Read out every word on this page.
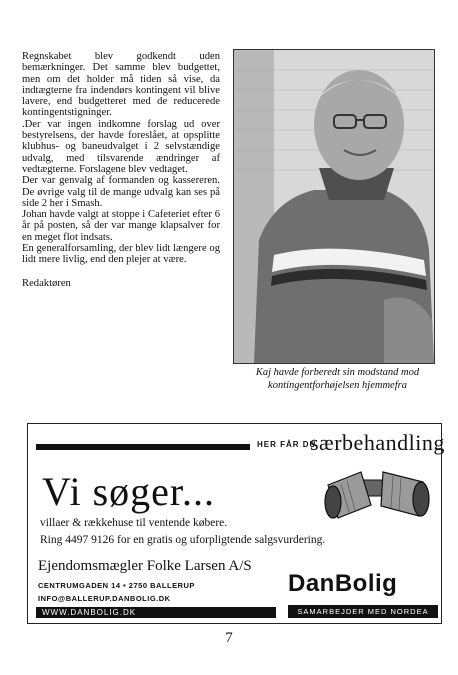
Regnskabet blev godkendt uden bemærkninger. Det samme blev budgettet, men om det holder må tiden så vise, da indtægterne fra indendørs kontingent vil blive lavere, end budgetteret med de reducerede kontingentstigninger.

.Der var ingen indkomne forslag ud over bestyrelsens, der havde foreslået, at opsplitte klubhus- og baneudvalget i 2 selvstændige udvalg, med tilsvarende ændringer af vedtægterne. Forslagene blev vedtaget.

Der var genvalg af formanden og kassereren. De øvrige valg til de mange udvalg kan ses på side 2 her i Smash.

Johan havde valgt at stoppe i Cafeteriet efter 6 år på posten, så der var mange klapsalver for en meget flot indsats.

En generalforsamling, der blev lidt længere og lidt mere livlig, end den plejer at være.

Redaktøren

Kaj havde forberedt sin modstand mod kontingentforhøjelsen hjemmefra
HER FÅR DU
særbehandling
Vi søger...
villaer & rækkehuse til ventende købere.
Ring 4497 9126 for en gratis og uforpligtende salgsvurdering.
Ejendomsmægler Folke Larsen A/S
CENTRUMGADEN 14 • 2750 BALLERUP
INFO@BALLERUP.DANBOLIG.DK
WWW.DANBOLIG.DK
DanBolig
SAMARBEJDER MED NORDEA
7
